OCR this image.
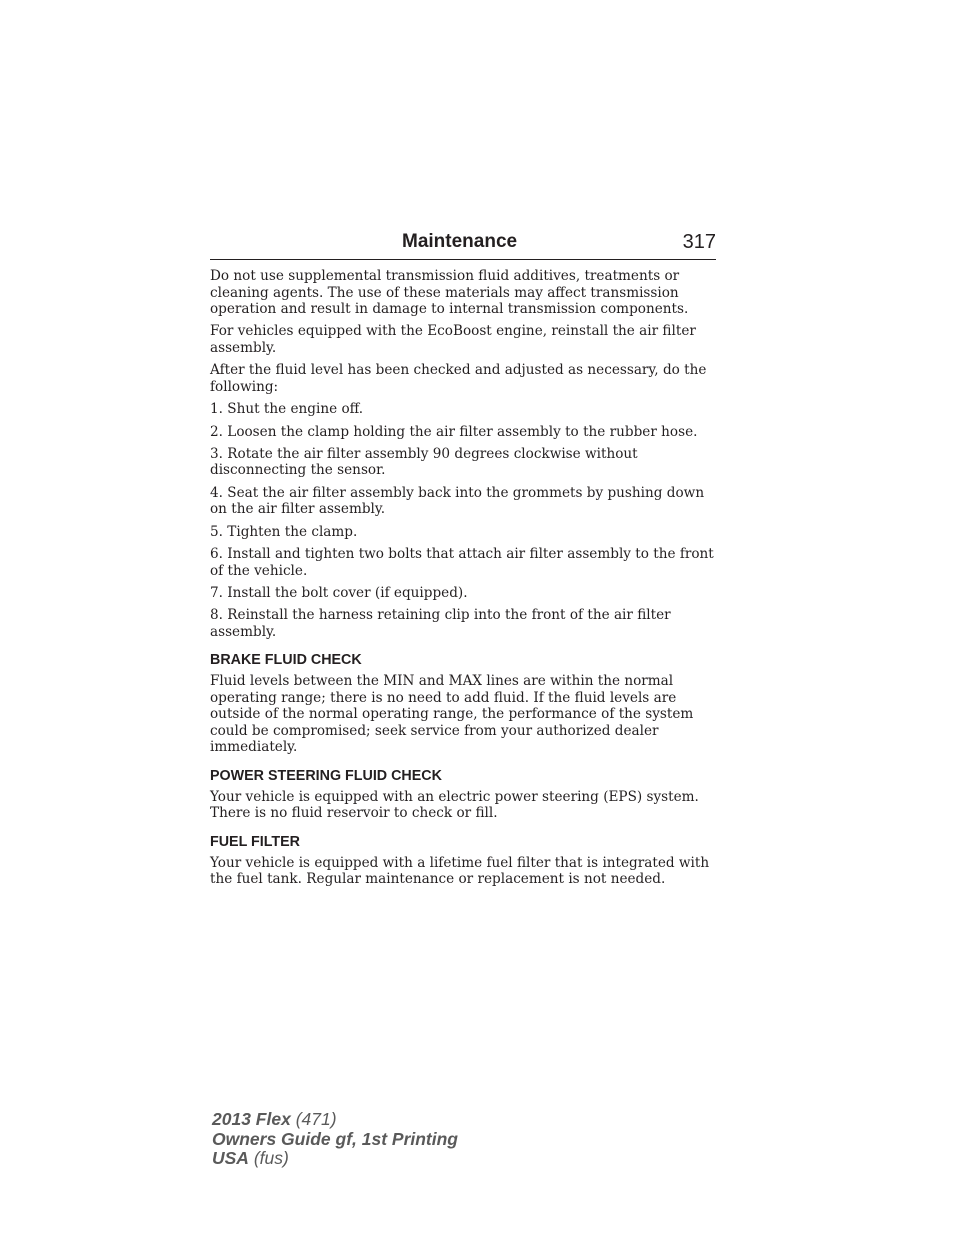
Maintenance	317

Do not use supplemental transmission fluid additives, treatments or cleaning agents. The use of these materials may affect transmission operation and result in damage to internal transmission components.

For vehicles equipped with the EcoBoost engine, reinstall the air filter assembly.

After the fluid level has been checked and adjusted as necessary, do the following:

1. Shut the engine off.

2. Loosen the clamp holding the air filter assembly to the rubber hose.

3. Rotate the air filter assembly 90 degrees clockwise without disconnecting the sensor.

4. Seat the air filter assembly back into the grommets by pushing down on the air filter assembly.

5. Tighten the clamp.

6. Install and tighten two bolts that attach air filter assembly to the front of the vehicle.

7. Install the bolt cover (if equipped).

8. Reinstall the harness retaining clip into the front of the air filter assembly.

BRAKE FLUID CHECK

Fluid levels between the MIN and MAX lines are within the normal operating range; there is no need to add fluid. If the fluid levels are outside of the normal operating range, the performance of the system could be compromised; seek service from your authorized dealer immediately.

POWER STEERING FLUID CHECK

Your vehicle is equipped with an electric power steering (EPS) system. There is no fluid reservoir to check or fill.

FUEL FILTER

Your vehicle is equipped with a lifetime fuel filter that is integrated with the fuel tank. Regular maintenance or replacement is not needed.

2013 Flex (471)
Owners Guide gf, 1st Printing
USA (fus)
